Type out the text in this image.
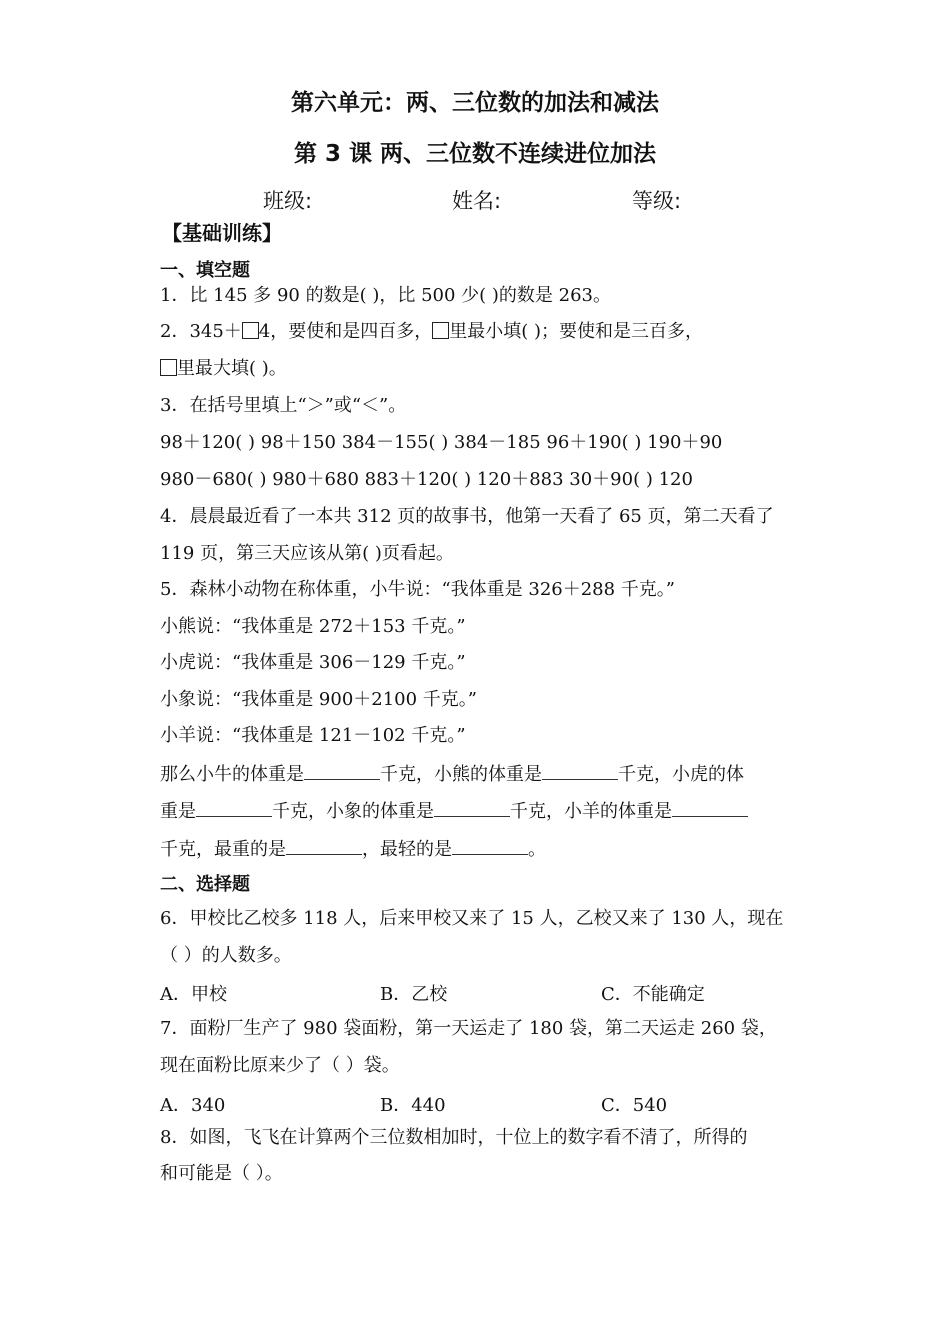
第六单元：两、三位数的加法和减法
第 3 课 两、三位数不连续进位加法
班级:	姓名:	等级:
【基础训练】
一、填空题
1．比 145 多 90 的数是( )，比 500 少( )的数是 263。
2．345＋ 4，要使和是四百多， 里最小填( )；要使和是三百多，
里最大填( )。
3．在括号里填上“＞”或“＜”。
98＋120( ) 98＋150 384－155( ) 384－185 96＋190( ) 190＋90
980－680( ) 980＋680 883＋120( ) 120＋883 30＋90( ) 120
4．晨晨最近看了一本共 312 页的故事书，他第一天看了 65 页，第二天看了
119 页，第三天应该从第( )页看起。
5．森林小动物在称体重，小牛说：“我体重是 326＋288 千克。”
小熊说：“我体重是 272＋153 千克。”
小虎说：“我体重是 306－129 千克。”
小象说：“我体重是 900＋2100 千克。”
小羊说：“我体重是 121－102 千克。”
那么小牛的体重是	千克，小熊的体重是	千克，小虎的体
重是	千克，小象的体重是	千克，小羊的体重是
千克，最重的是	，最轻的是	。
二、选择题
6．甲校比乙校多 118 人，后来甲校又来了 15 人，乙校又来了 130 人，现在
（ ）的人数多。
A．甲校	B．乙校	C．不能确定
7．面粉厂生产了 980 袋面粉，第一天运走了 180 袋，第二天运走 260 袋，
现在面粉比原来少了（ ）袋。
A．340	B．440	C．540
8．如图，飞飞在计算两个三位数相加时，十位上的数字看不清了，所得的
和可能是（ ）。
